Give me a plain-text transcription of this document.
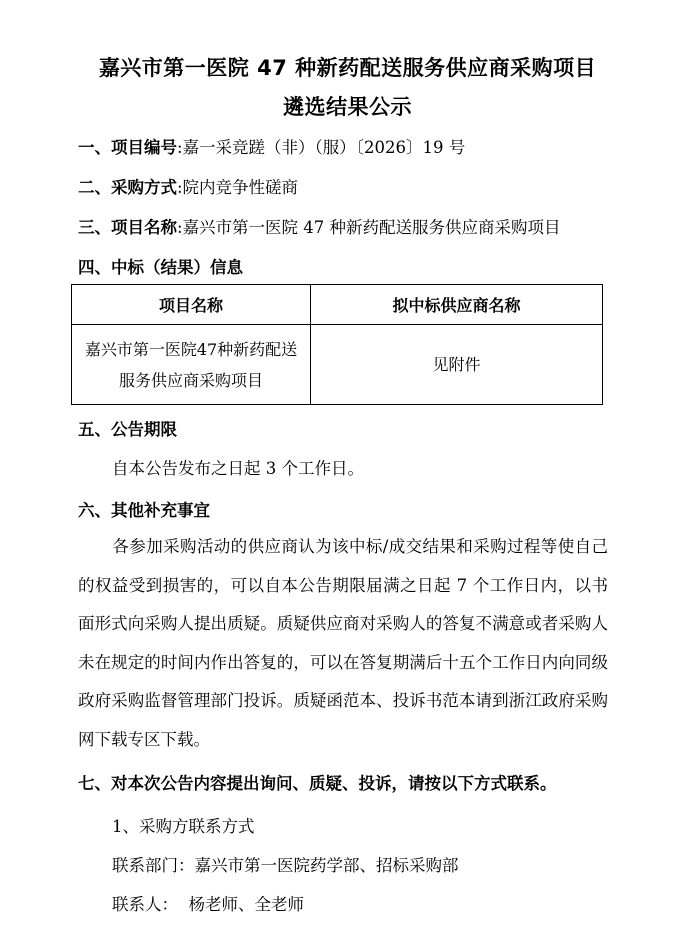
嘉兴市第一医院 47 种新药配送服务供应商采购项目
遴选结果公示
一、项目编号:嘉一采竞蹉（非）（服）〔2026〕19 号
二、采购方式:院内竞争性磋商
三、项目名称:嘉兴市第一医院 47 种新药配送服务供应商采购项目
四、中标（结果）信息
项目名称	拟中标供应商名称
嘉兴市第一医院47种新药配送服务供应商采购项目	见附件
五、公告期限
自本公告发布之日起 3 个工作日。
六、其他补充事宜
各参加采购活动的供应商认为该中标/成交结果和采购过程等使自己的权益受到损害的，可以自本公告期限届满之日起 7 个工作日内，以书面形式向采购人提出质疑。质疑供应商对采购人的答复不满意或者采购人未在规定的时间内作出答复的，可以在答复期满后十五个工作日内向同级政府采购监督管理部门投诉。质疑函范本、投诉书范本请到浙江政府采购网下载专区下载。
七、对本次公告内容提出询问、质疑、投诉，请按以下方式联系。
1、采购方联系方式
联系部门：嘉兴市第一医院药学部、招标采购部
联系人：  杨老师、全老师
